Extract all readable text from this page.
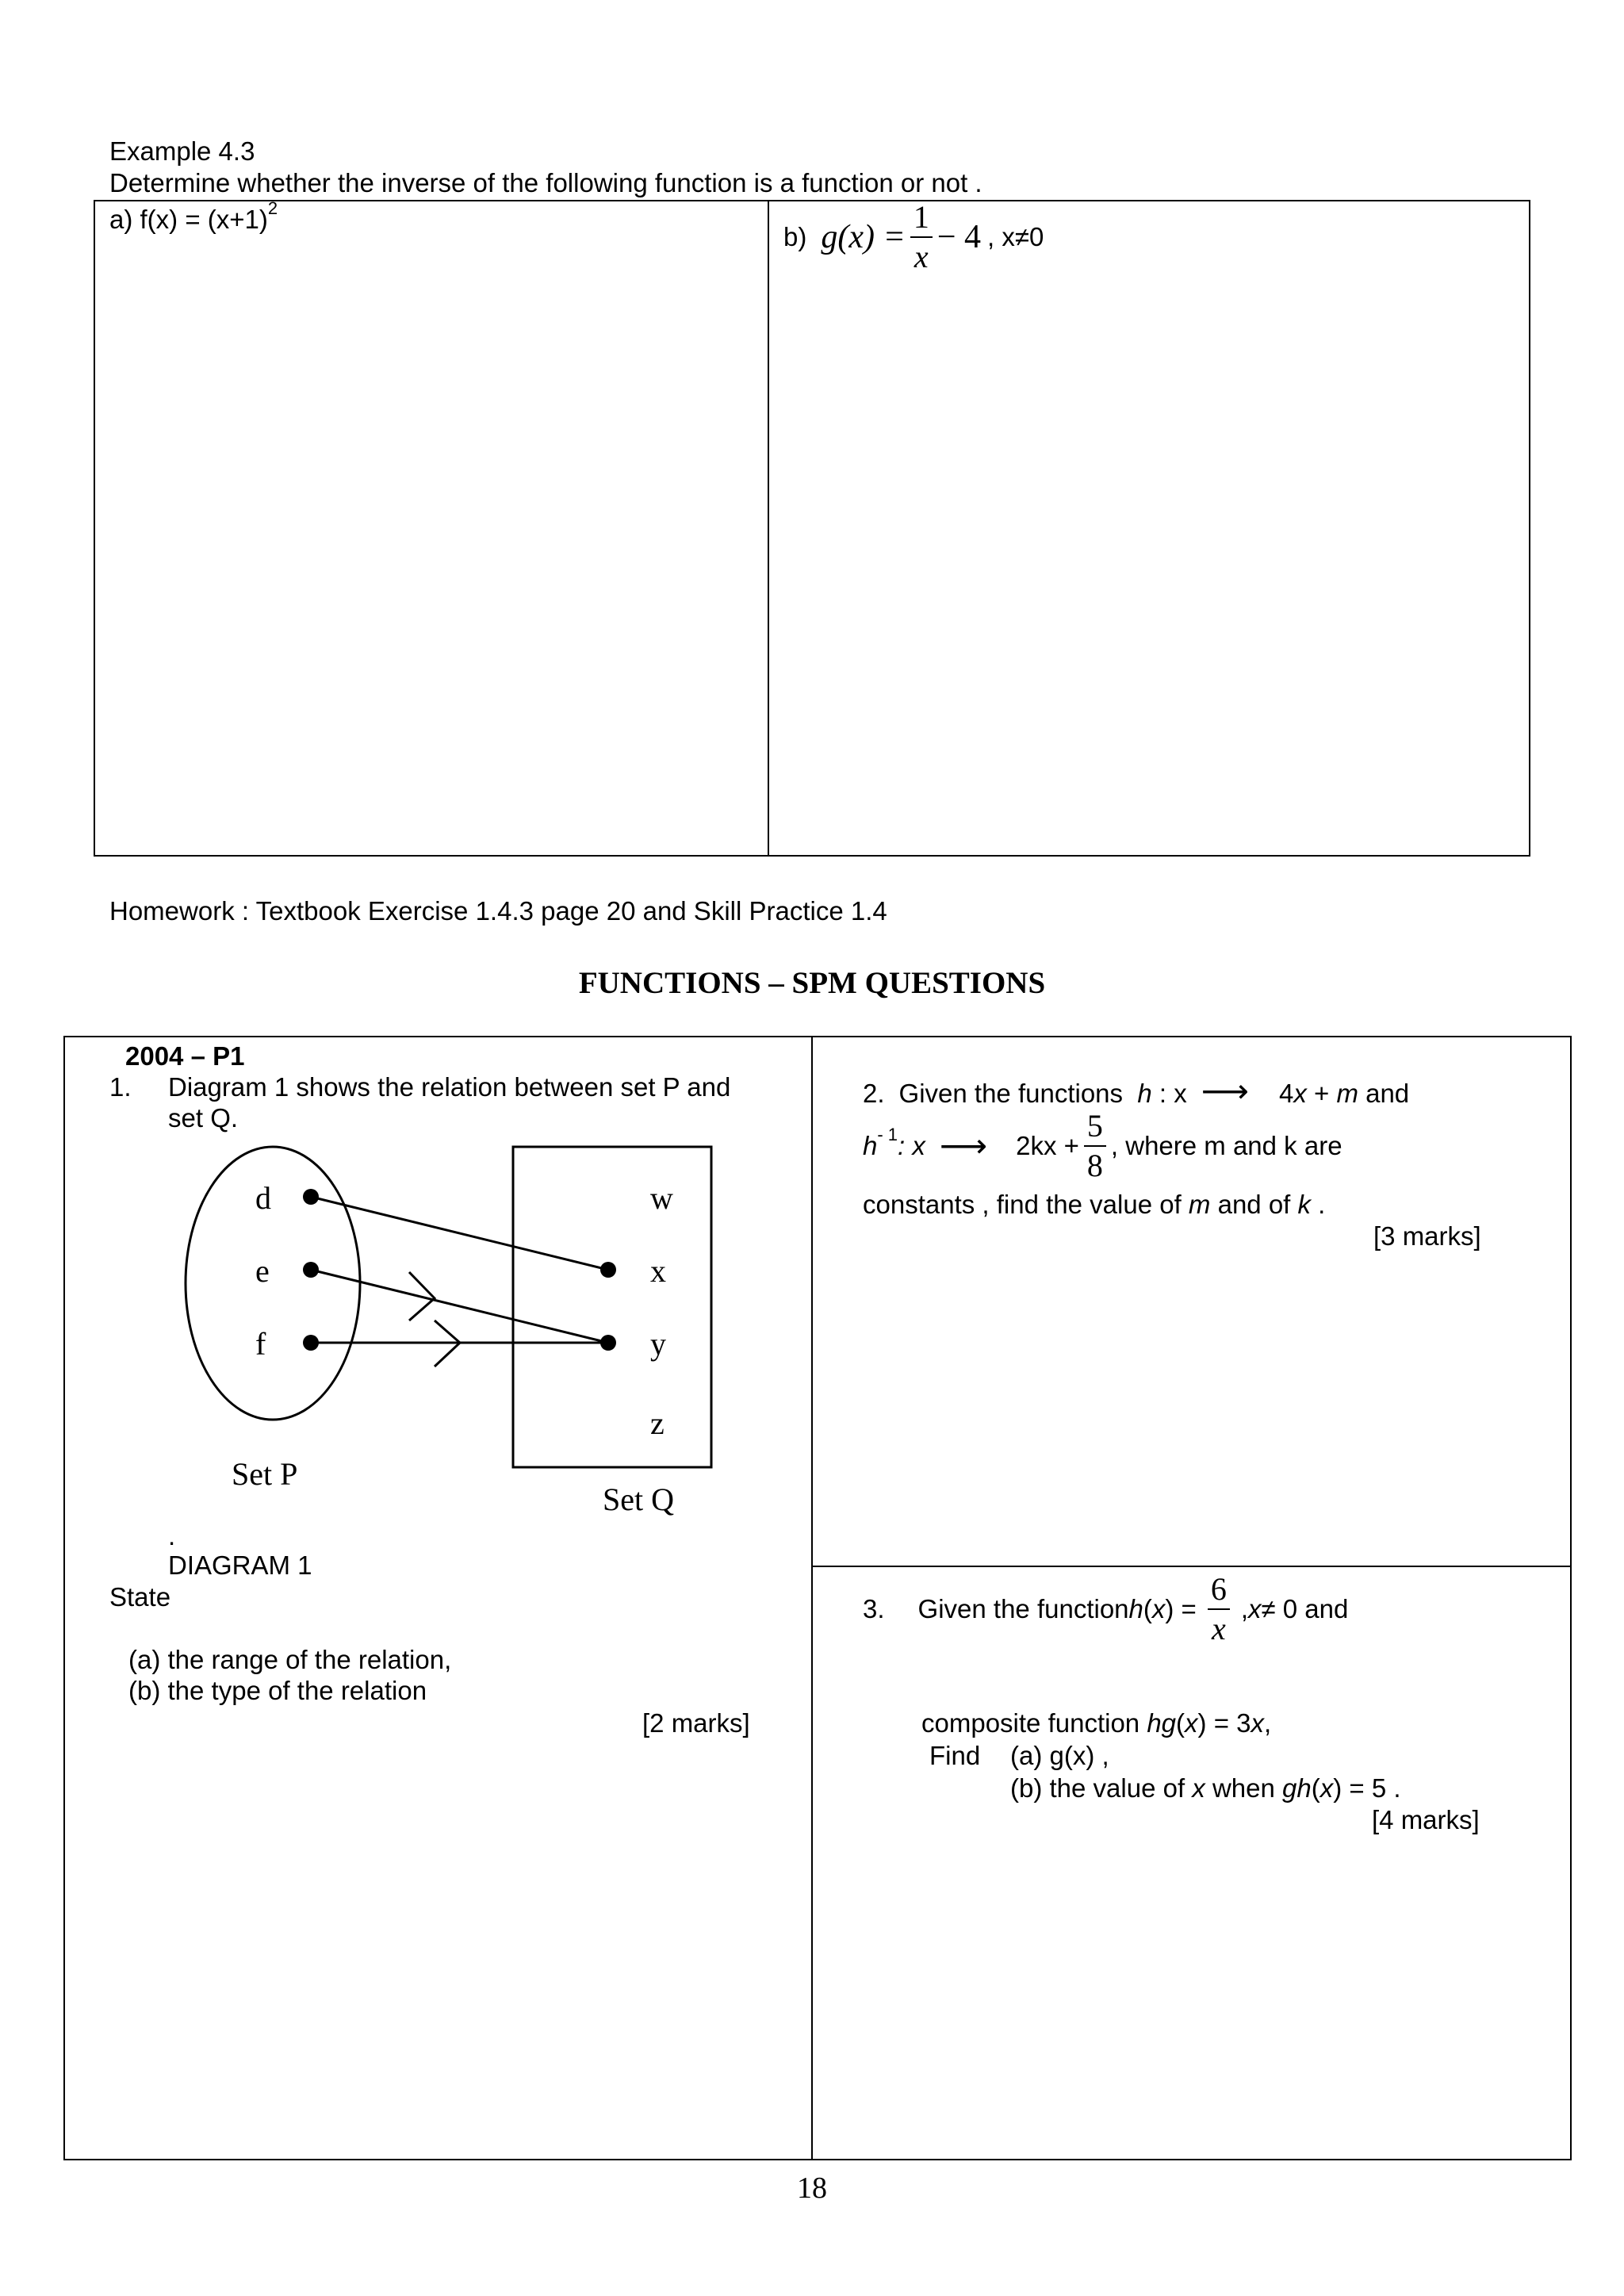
Example 4.3
Determine whether the inverse of the following function is a function or not .
a) $f(x) = (x+1)^2$
b) $g(x) = \frac{1}{x} - 4$ , x≠0
Homework : Textbook Exercise 1.4.3 page 20 and Skill Practice 1.4
FUNCTIONS – SPM QUESTIONS
2004 – P1
1. Diagram 1 shows the relation between set P and
set Q.
d
e
f
w
x
y
z
Set P
Set Q
.
DIAGRAM 1
State
(a) the range of the relation,
(b) the type of the relation
[2 marks]
2. Given the functions h : x ⟶ 4x + m and
$h^{- 1}$ : x ⟶ $2kx + \frac{5}{8}$ , where m and k are
constants , find the value of m and of k .
[3 marks]
3. Given the function h ( x ) = $\frac{6}{x}$ , x ≠ 0 and
composite function hg(x) = 3x,
Find (a) g(x) ,
(b) the value of x when gh(x) = 5 .
[4 marks]
18
